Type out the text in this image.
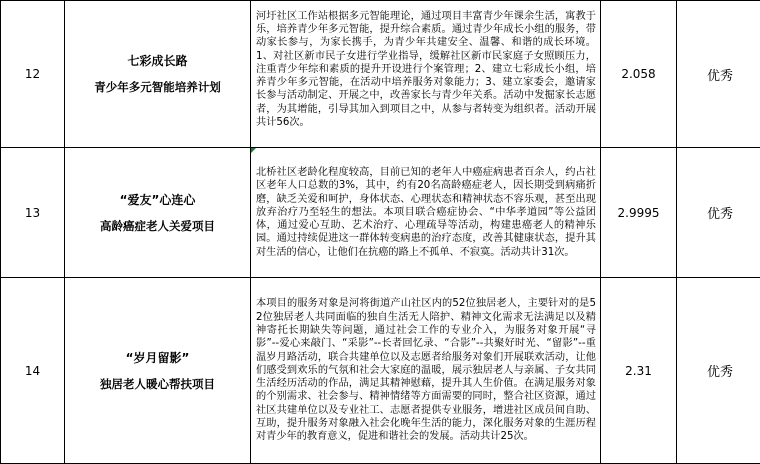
12	七彩成长路
青少年多元智能培养计划	河圩社区工作站根据多元智能理论，通过项目丰富青少年课余生活，寓教于乐，培养青少年多元智能，提升综合素质。通过青少年成长小组的服务，带动家长参与，为家长携手，为青少年共建安全、温馨、和谐的成长环境。1、对社区新市民子女进行学业指导，缓解社区新市民家庭子女照顾压力，注重青少年综和素质的提升开设进行个案管理；2、建立七彩成长小组，培养青少年多元智能，在活动中培养服务对象能力；3、建立家委会，邀请家长参与活动制定、开展之中，改善家长与青少年关系。活动中发掘家长志愿者，为其增能，引导其加入到项目之中，从参与者转变为组织者。活动开展共计56次。	2.058	优秀
13	“爱友”心连心
高龄癌症老人关爱项目	北桥社区老龄化程度较高，目前已知的老年人中癌症病患者百余人，约占社区老年人口总数的3%，其中，约有20名高龄癌症老人，因长期受到病痛折磨，缺乏关爱和呵护，身体状态、心理状态和精神状态不容乐观，甚至出现放弃治疗乃至轻生的想法。本项目联合癌症协会、“中华孝道园”等公益团体，通过爱心互助、艺术治疗、心理疏导等活动，构建患癌老人的精神乐园。通过持续促进这一群体转变病患的治疗态度，改善其健康状态，提升其对生活的信心，让他们在抗癌的路上不孤单、不寂寞。活动共计31次。	2.9995	优秀
14	“岁月留影”
独居老人暖心帮扶项目	本项目的服务对象是河将街道产山社区内的52位独居老人，主要针对的是52位独居老人共同面临的独自生活无人陪护、精神文化需求无法满足以及精神寄托长期缺失等问题，通过社会工作的专业介入，为服务对象开展“寻影”--爱心来敲门、“采影”--长者回忆录、“合影”--共聚好时光、“留影”--重温岁月路活动，联合共建单位以及志愿者给服务对象们开展联欢活动，让他们感受到欢乐的气氛和社会大家庭的温暖，展示独居老人与亲属、子女共同生活经历活动的作品，满足其精神慰藉，提升其人生价值。在满足服务对象的个别需求、社会参与、精神情绪等方面需要的同时，整合社区资源，通过社区共建单位以及专业社工、志愿者提供专业服务，增进社区成员间自助、互助，提升服务对象融入社会化晚年生活的能力，深化服务对象的生涯历程对青少年的教育意义，促进和谐社会的发展。活动共计25次。	2.31	优秀
